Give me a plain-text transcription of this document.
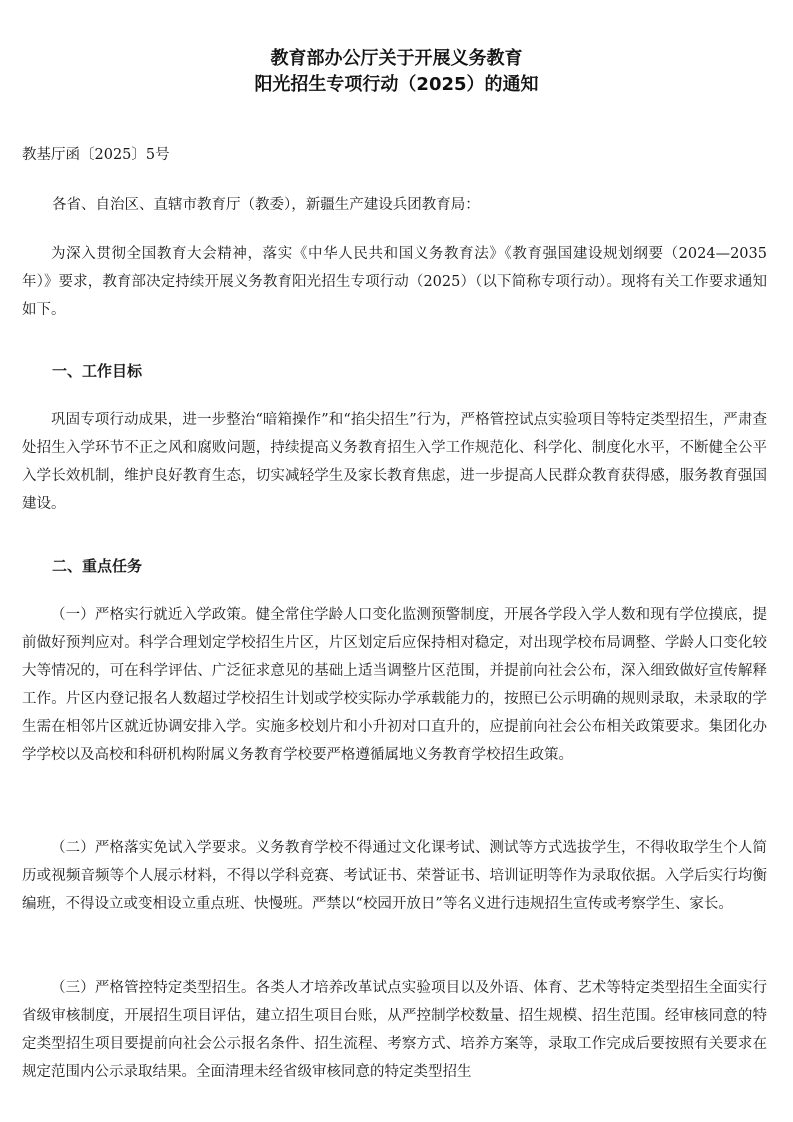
教育部办公厅关于开展义务教育
阳光招生专项行动（2025）的通知
教基厅函〔2025〕5号
各省、自治区、直辖市教育厅（教委），新疆生产建设兵团教育局：

为深入贯彻全国教育大会精神，落实《中华人民共和国义务教育法》《教育强国建设规划纲要（2024—2035年）》要求，教育部决定持续开展义务教育阳光招生专项行动（2025）（以下简称专项行动）。现将有关工作要求通知如下。

一、工作目标

巩固专项行动成果，进一步整治“暗箱操作”和“掐尖招生”行为，严格管控试点实验项目等特定类型招生，严肃查处招生入学环节不正之风和腐败问题，持续提高义务教育招生入学工作规范化、科学化、制度化水平，不断健全公平入学长效机制，维护良好教育生态，切实减轻学生及家长教育焦虑，进一步提高人民群众教育获得感，服务教育强国建设。

二、重点任务

（一）严格实行就近入学政策。健全常住学龄人口变化监测预警制度，开展各学段入学人数和现有学位摸底，提前做好预判应对。科学合理划定学校招生片区，片区划定后应保持相对稳定，对出现学校布局调整、学龄人口变化较大等情况的，可在科学评估、广泛征求意见的基础上适当调整片区范围，并提前向社会公布，深入细致做好宣传解释工作。片区内登记报名人数超过学校招生计划或学校实际办学承载能力的，按照已公示明确的规则录取，未录取的学生需在相邻片区就近协调安排入学。实施多校划片和小升初对口直升的，应提前向社会公布相关政策要求。集团化办学学校以及高校和科研机构附属义务教育学校要严格遵循属地义务教育学校招生政策。

（二）严格落实免试入学要求。义务教育学校不得通过文化课考试、测试等方式选拔学生，不得收取学生个人简历或视频音频等个人展示材料，不得以学科竞赛、考试证书、荣誉证书、培训证明等作为录取依据。入学后实行均衡编班，不得设立或变相设立重点班、快慢班。严禁以“校园开放日”等名义进行违规招生宣传或考察学生、家长。

（三）严格管控特定类型招生。各类人才培养改革试点实验项目以及外语、体育、艺术等特定类型招生全面实行省级审核制度，开展招生项目评估，建立招生项目台账，从严控制学校数量、招生规模、招生范围。经审核同意的特定类型招生项目要提前向社会公示报名条件、招生流程、考察方式、培养方案等，录取工作完成后要按照有关要求在规定范围内公示录取结果。全面清理未经省级审核同意的特定类型招生
